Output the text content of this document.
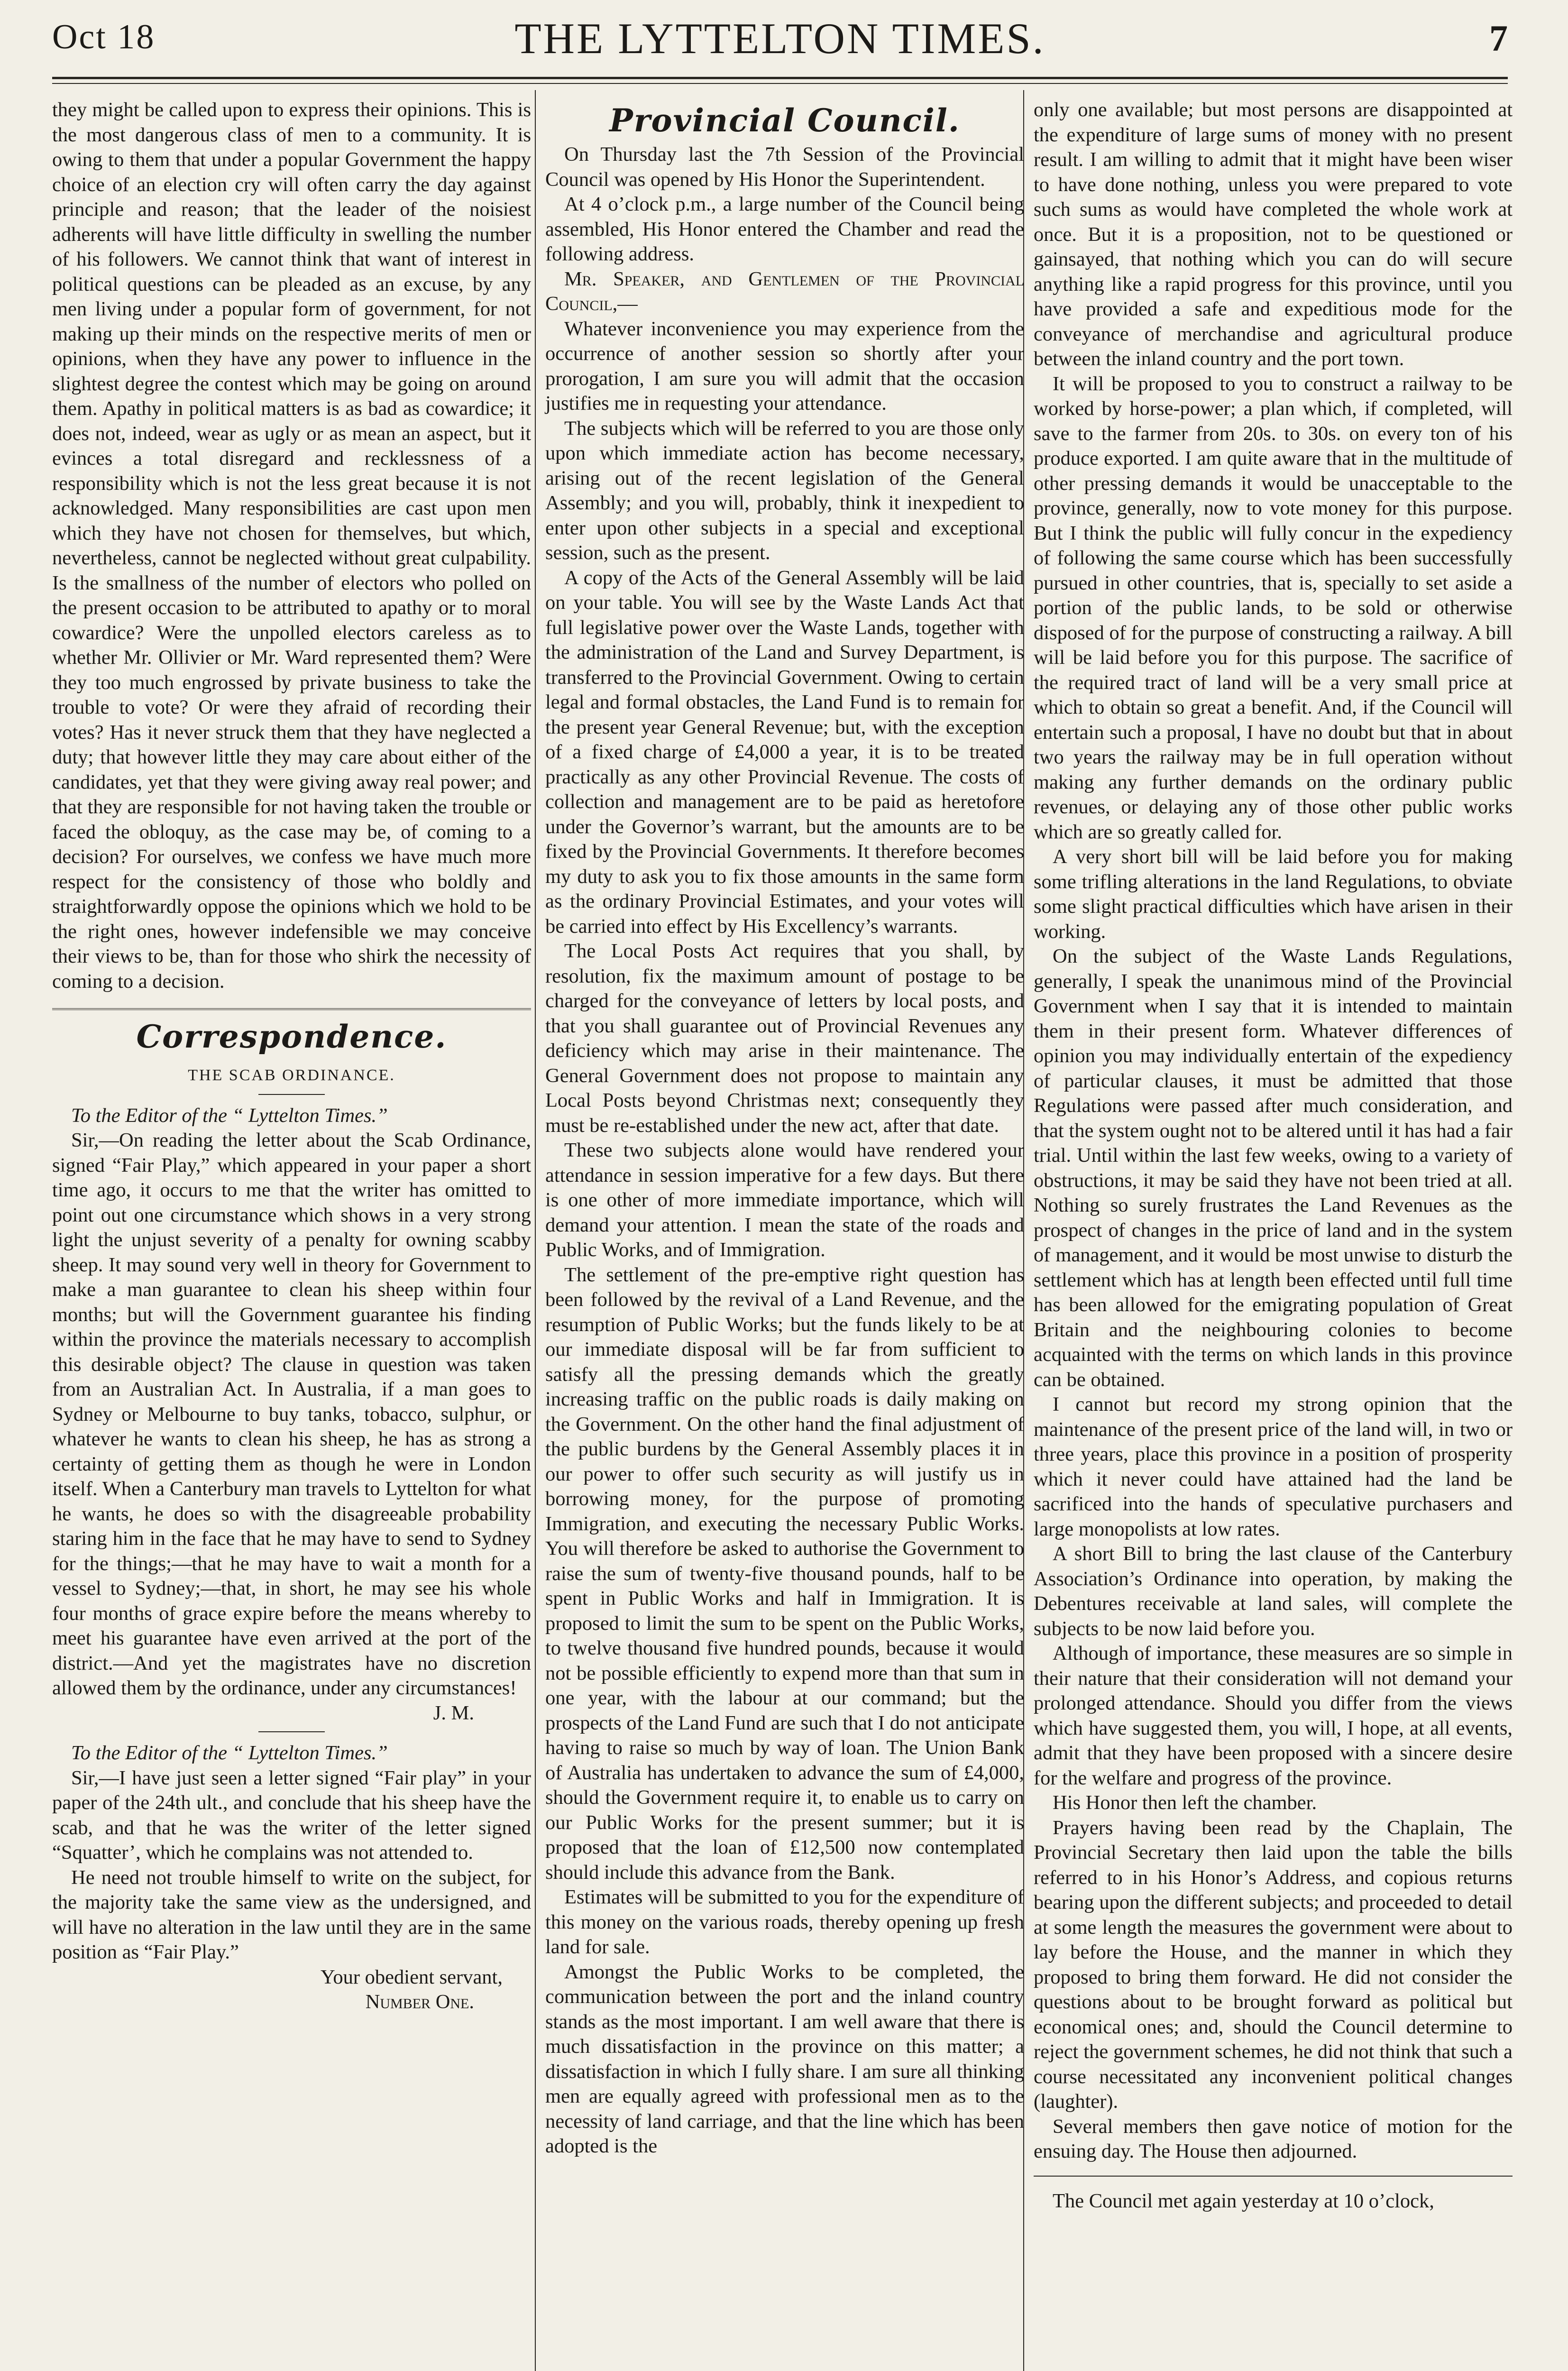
Oct 18	THE LYTTELTON TIMES.	7

they might be called upon to express their opinions. This is the most dangerous class of men to a community. It is owing to them that under a popular Government the happy choice of an election cry will often carry the day against principle and reason; that the leader of the noisiest adherents will have little difficulty in swelling the number of his followers. We cannot think that want of interest in political questions can be pleaded as an excuse, by any men living under a popular form of government, for not making up their minds on the respective merits of men or opinions, when they have any power to influence in the slightest degree the contest which may be going on around them. Apathy in political matters is as bad as cowardice; it does not, indeed, wear as ugly or as mean an aspect, but it evinces a total disregard and recklessness of a responsibility which is not the less great because it is not acknowledged. Many responsibilities are cast upon men which they have not chosen for themselves, but which, nevertheless, cannot be neglected without great culpability. Is the smallness of the number of electors who polled on the present occasion to be attributed to apathy or to moral cowardice? Were the unpolled electors careless as to whether Mr. Ollivier or Mr. Ward represented them? Were they too much engrossed by private business to take the trouble to vote? Or were they afraid of recording their votes? Has it never struck them that they have neglected a duty; that however little they may care about either of the candidates, yet that they were giving away real power; and that they are responsible for not having taken the trouble or faced the obloquy, as the case may be, of coming to a decision? For ourselves, we confess we have much more respect for the consistency of those who boldly and straightforwardly oppose the opinions which we hold to be the right ones, however indefensible we may conceive their views to be, than for those who shirk the necessity of coming to a decision.

Correspondence.
THE SCAB ORDINANCE.

To the Editor of the “ Lyttelton Times.”

Sir,—On reading the letter about the Scab Ordinance, signed “Fair Play,” which appeared in your paper a short time ago, it occurs to me that the writer has omitted to point out one circumstance which shows in a very strong light the unjust severity of a penalty for owning scabby sheep. It may sound very well in theory for Government to make a man guarantee to clean his sheep within four months; but will the Government guarantee his finding within the province the materials necessary to accomplish this desirable object? The clause in question was taken from an Australian Act. In Australia, if a man goes to Sydney or Melbourne to buy tanks, tobacco, sulphur, or whatever he wants to clean his sheep, he has as strong a certainty of getting them as though he were in London itself. When a Canterbury man travels to Lyttelton for what he wants, he does so with the disagreeable probability staring him in the face that he may have to send to Sydney for the things;—that he may have to wait a month for a vessel to Sydney;—that, in short, he may see his whole four months of grace expire before the means whereby to meet his guarantee have even arrived at the port of the district.—And yet the magistrates have no discretion allowed them by the ordinance, under any circumstances!

J. M.

To the Editor of the “ Lyttelton Times.”

Sir,—I have just seen a letter signed “Fair play” in your paper of the 24th ult., and conclude that his sheep have the scab, and that he was the writer of the letter signed “Squatter’, which he complains was not attended to.

He need not trouble himself to write on the subject, for the majority take the same view as the undersigned, and will have no alteration in the law until they are in the same position as “Fair Play.”

Your obedient servant,
Number One.
Provincial Council.

On Thursday last the 7th Session of the Provincial Council was opened by His Honor the Superintendent.

At 4 o’clock p.m., a large number of the Council being assembled, His Honor entered the Chamber and read the following address.

Mr. Speaker, and Gentlemen of the Provincial Council,—

Whatever inconvenience you may experience from the occurrence of another session so shortly after your prorogation, I am sure you will admit that the occasion justifies me in requesting your attendance.

The subjects which will be referred to you are those only upon which immediate action has become necessary, arising out of the recent legislation of the General Assembly; and you will, probably, think it inexpedient to enter upon other subjects in a special and exceptional session, such as the present.

A copy of the Acts of the General Assembly will be laid on your table. You will see by the Waste Lands Act that full legislative power over the Waste Lands, together with the administration of the Land and Survey Department, is transferred to the Provincial Government. Owing to certain legal and formal obstacles, the Land Fund is to remain for the present year General Revenue; but, with the exception of a fixed charge of £4,000 a year, it is to be treated practically as any other Provincial Revenue. The costs of collection and management are to be paid as heretofore under the Governor’s warrant, but the amounts are to be fixed by the Provincial Governments. It therefore becomes my duty to ask you to fix those amounts in the same form as the ordinary Provincial Estimates, and your votes will be carried into effect by His Excellency’s warrants.

The Local Posts Act requires that you shall, by resolution, fix the maximum amount of postage to be charged for the conveyance of letters by local posts, and that you shall guarantee out of Provincial Revenues any deficiency which may arise in their maintenance. The General Government does not propose to maintain any Local Posts beyond Christmas next; consequently they must be re-established under the new act, after that date.

These two subjects alone would have rendered your attendance in session imperative for a few days. But there is one other of more immediate importance, which will demand your attention. I mean the state of the roads and Public Works, and of Immigration.

The settlement of the pre-emptive right question has been followed by the revival of a Land Revenue, and the resumption of Public Works; but the funds likely to be at our immediate disposal will be far from sufficient to satisfy all the pressing demands which the greatly increasing traffic on the public roads is daily making on the Government. On the other hand the final adjustment of the public burdens by the General Assembly places it in our power to offer such security as will justify us in borrowing money, for the purpose of promoting Immigration, and executing the necessary Public Works. You will therefore be asked to authorise the Government to raise the sum of twenty-five thousand pounds, half to be spent in Public Works and half in Immigration. It is proposed to limit the sum to be spent on the Public Works, to twelve thousand five hundred pounds, because it would not be possible efficiently to expend more than that sum in one year, with the labour at our command; but the prospects of the Land Fund are such that I do not anticipate having to raise so much by way of loan. The Union Bank of Australia has undertaken to advance the sum of £4,000, should the Government require it, to enable us to carry on our Public Works for the present summer; but it is proposed that the loan of £12,500 now contemplated should include this advance from the Bank.

Estimates will be submitted to you for the expenditure of this money on the various roads, thereby opening up fresh land for sale.

Amongst the Public Works to be completed, the communication between the port and the inland country stands as the most important. I am well aware that there is much dissatisfaction in the province on this matter; a dissatisfaction in which I fully share. I am sure all thinking men are equally agreed with professional men as to the necessity of land carriage, and that the line which has been adopted is the

only one available; but most persons are disappointed at the expenditure of large sums of money with no present result. I am willing to admit that it might have been wiser to have done nothing, unless you were prepared to vote such sums as would have completed the whole work at once. But it is a proposition, not to be questioned or gainsayed, that nothing which you can do will secure anything like a rapid progress for this province, until you have provided a safe and expeditious mode for the conveyance of merchandise and agricultural produce between the inland country and the port town.

It will be proposed to you to construct a railway to be worked by horse-power; a plan which, if completed, will save to the farmer from 20s. to 30s. on every ton of his produce exported. I am quite aware that in the multitude of other pressing demands it would be unacceptable to the province, generally, now to vote money for this purpose. But I think the public will fully concur in the expediency of following the same course which has been successfully pursued in other countries, that is, specially to set aside a portion of the public lands, to be sold or otherwise disposed of for the purpose of constructing a railway. A bill will be laid before you for this purpose. The sacrifice of the required tract of land will be a very small price at which to obtain so great a benefit. And, if the Council will entertain such a proposal, I have no doubt but that in about two years the railway may be in full operation without making any further demands on the ordinary public revenues, or delaying any of those other public works which are so greatly called for.

A very short bill will be laid before you for making some trifling alterations in the land Regulations, to obviate some slight practical difficulties which have arisen in their working.

On the subject of the Waste Lands Regulations, generally, I speak the unanimous mind of the Provincial Government when I say that it is intended to maintain them in their present form. Whatever differences of opinion you may individually entertain of the expediency of particular clauses, it must be admitted that those Regulations were passed after much consideration, and that the system ought not to be altered until it has had a fair trial. Until within the last few weeks, owing to a variety of obstructions, it may be said they have not been tried at all. Nothing so surely frustrates the Land Revenues as the prospect of changes in the price of land and in the system of management, and it would be most unwise to disturb the settlement which has at length been effected until full time has been allowed for the emigrating population of Great Britain and the neighbouring colonies to become acquainted with the terms on which lands in this province can be obtained.

I cannot but record my strong opinion that the maintenance of the present price of the land will, in two or three years, place this province in a position of prosperity which it never could have attained had the land be sacrificed into the hands of speculative purchasers and large monopolists at low rates.

A short Bill to bring the last clause of the Canterbury Association’s Ordinance into operation, by making the Debentures receivable at land sales, will complete the subjects to be now laid before you.

Although of importance, these measures are so simple in their nature that their consideration will not demand your prolonged attendance. Should you differ from the views which have suggested them, you will, I hope, at all events, admit that they have been proposed with a sincere desire for the welfare and progress of the province.

His Honor then left the chamber.

Prayers having been read by the Chaplain, The Provincial Secretary then laid upon the table the bills referred to in his Honor’s Address, and copious returns bearing upon the different subjects; and proceeded to detail at some length the measures the government were about to lay before the House, and the manner in which they proposed to bring them forward. He did not consider the questions about to be brought forward as political but economical ones; and, should the Council determine to reject the government schemes, he did not think that such a course necessitated any inconvenient political changes (laughter).

Several members then gave notice of motion for the ensuing day. The House then adjourned.

The Council met again yesterday at 10 o’clock,
